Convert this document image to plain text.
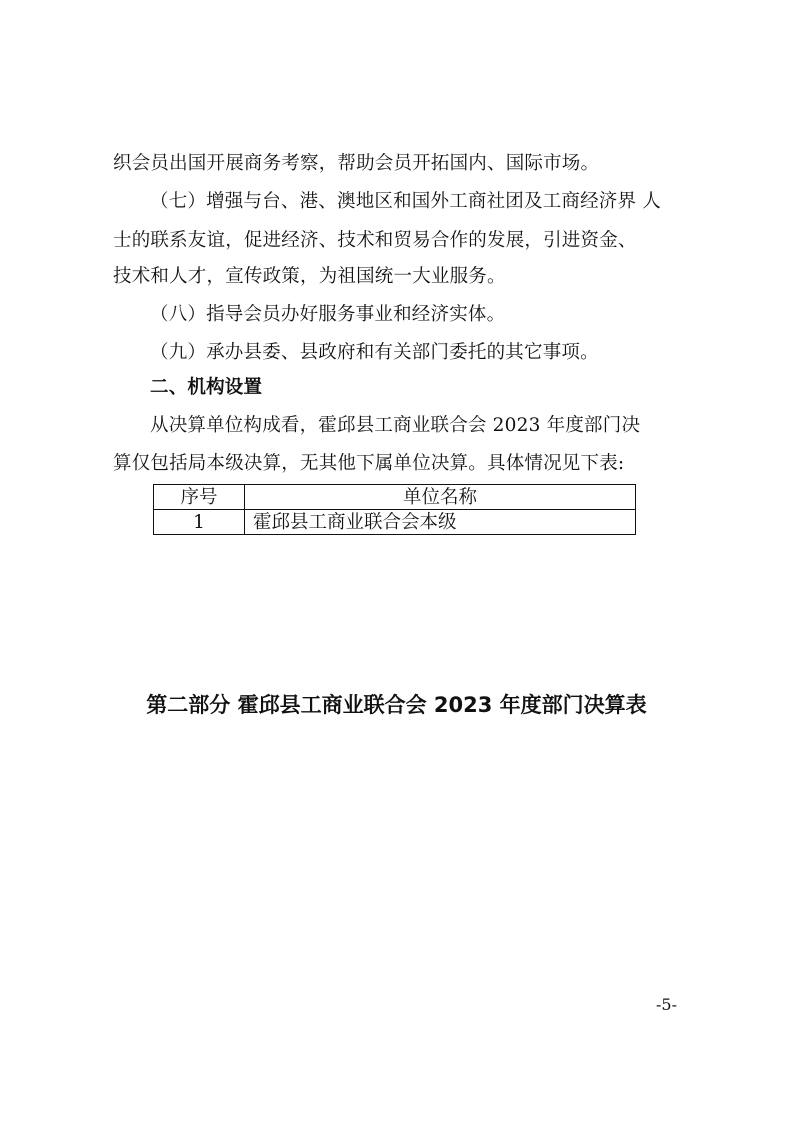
织会员出国开展商务考察，帮助会员开拓国内、国际市场。
（七）增强与台、港、澳地区和国外工商社团及工商经济界 人
士的联系友谊，促进经济、技术和贸易合作的发展，引进资金、
技术和人才，宣传政策，为祖国统一大业服务。
（八）指导会员办好服务事业和经济实体。
（九）承办县委、县政府和有关部门委托的其它事项。
二、机构设置
从决算单位构成看，霍邱县工商业联合会 2023 年度部门决
算仅包括局本级决算，无其他下属单位决算。具体情况见下表:
序号	单位名称
1	霍邱县工商业联合会本级
第二部分 霍邱县工商业联合会 2023 年度部门决算表
-5-
